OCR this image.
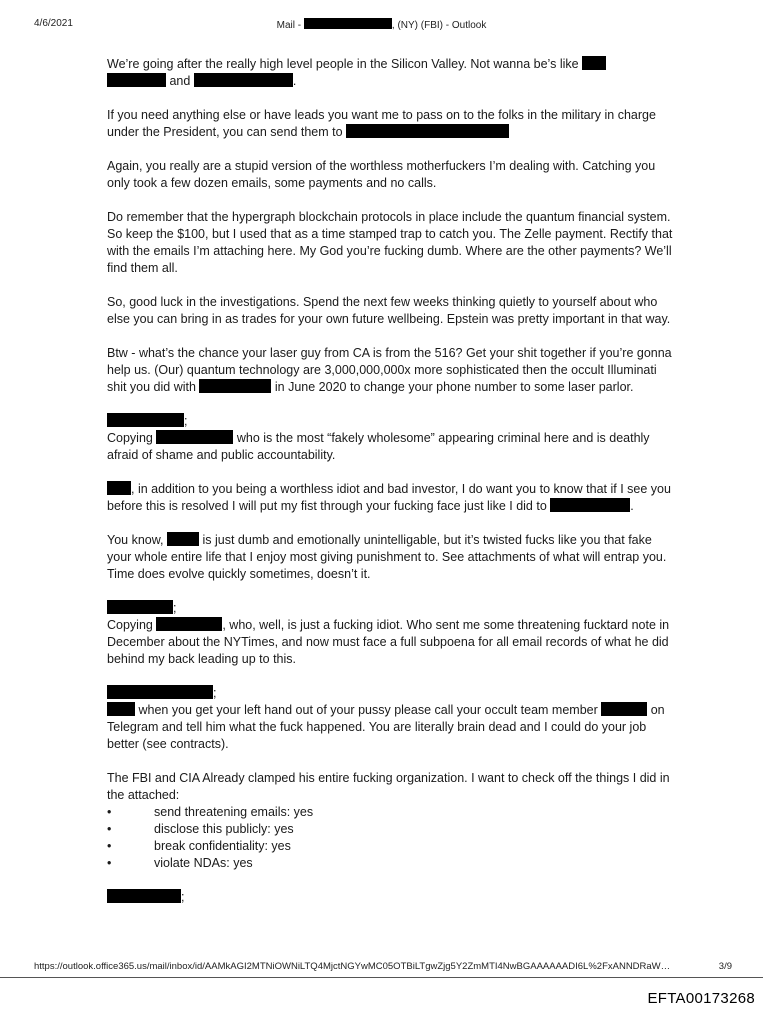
4/6/2021	Mail -	, (NY) (FBI) - Outlook

We’re going after the really high level people in the Silicon Valley. Not wanna be’s like
and	.

If you need anything else or have leads you want me to pass on to the folks in the military in charge under the President, you can send them to

Again, you really are a stupid version of the worthless motherfuckers I’m dealing with. Catching you only took a few dozen emails, some payments and no calls.

Do remember that the hypergraph blockchain protocols in place include the quantum financial system. So keep the $100, but I used that as a time stamped trap to catch you. The Zelle payment. Rectify that with the emails I’m attaching here. My God you’re fucking dumb. Where are the other payments? We’ll find them all.

So, good luck in the investigations. Spend the next few weeks thinking quietly to yourself about who else you can bring in as trades for your own future wellbeing. Epstein was pretty important in that way.

Btw - what’s the chance your laser guy from CA is from the 516? Get your shit together if you’re gonna help us. (Our) quantum technology are 3,000,000,000x more sophisticated then the occult Illuminati shit you did with	in June 2020 to change your phone number to some laser parlor.

;
Copying	who is the most “fakely wholesome” appearing criminal here and is deathly afraid of shame and public accountability.

, in addition to you being a worthless idiot and bad investor, I do want you to know that if I see you before this is resolved I will put my fist through your fucking face just like I did to	.

You know,	is just dumb and emotionally unintelligable, but it’s twisted fucks like you that fake your whole entire life that I enjoy most giving punishment to. See attachments of what will entrap you. Time does evolve quickly sometimes, doesn’t it.

;
Copying	, who, well, is just a fucking idiot. Who sent me some threatening fucktard note in December about the NYTimes, and now must face a full subpoena for all email records of what he did behind my back leading up to this.

;
when you get your left hand out of your pussy please call your occult team member	on Telegram and tell him what the fuck happened. You are literally brain dead and I could do your job better (see contracts).

The FBI and CIA Already clamped his entire fucking organization. I want to check off the things I did in the attached:

•	send threatening emails: yes
•	disclose this publicly: yes
•	break confidentiality: yes
•	violate NDAs: yes

;

https://outlook.office365.us/mail/inbox/id/AAMkAGI2MTNiOWNiLTQ4MjctNGYwMC05OTBiLTgwZjg5Y2ZmMTI4NwBGAAAAAADI6L%2FxANNDRaW…	3/9
EFTA00173268
